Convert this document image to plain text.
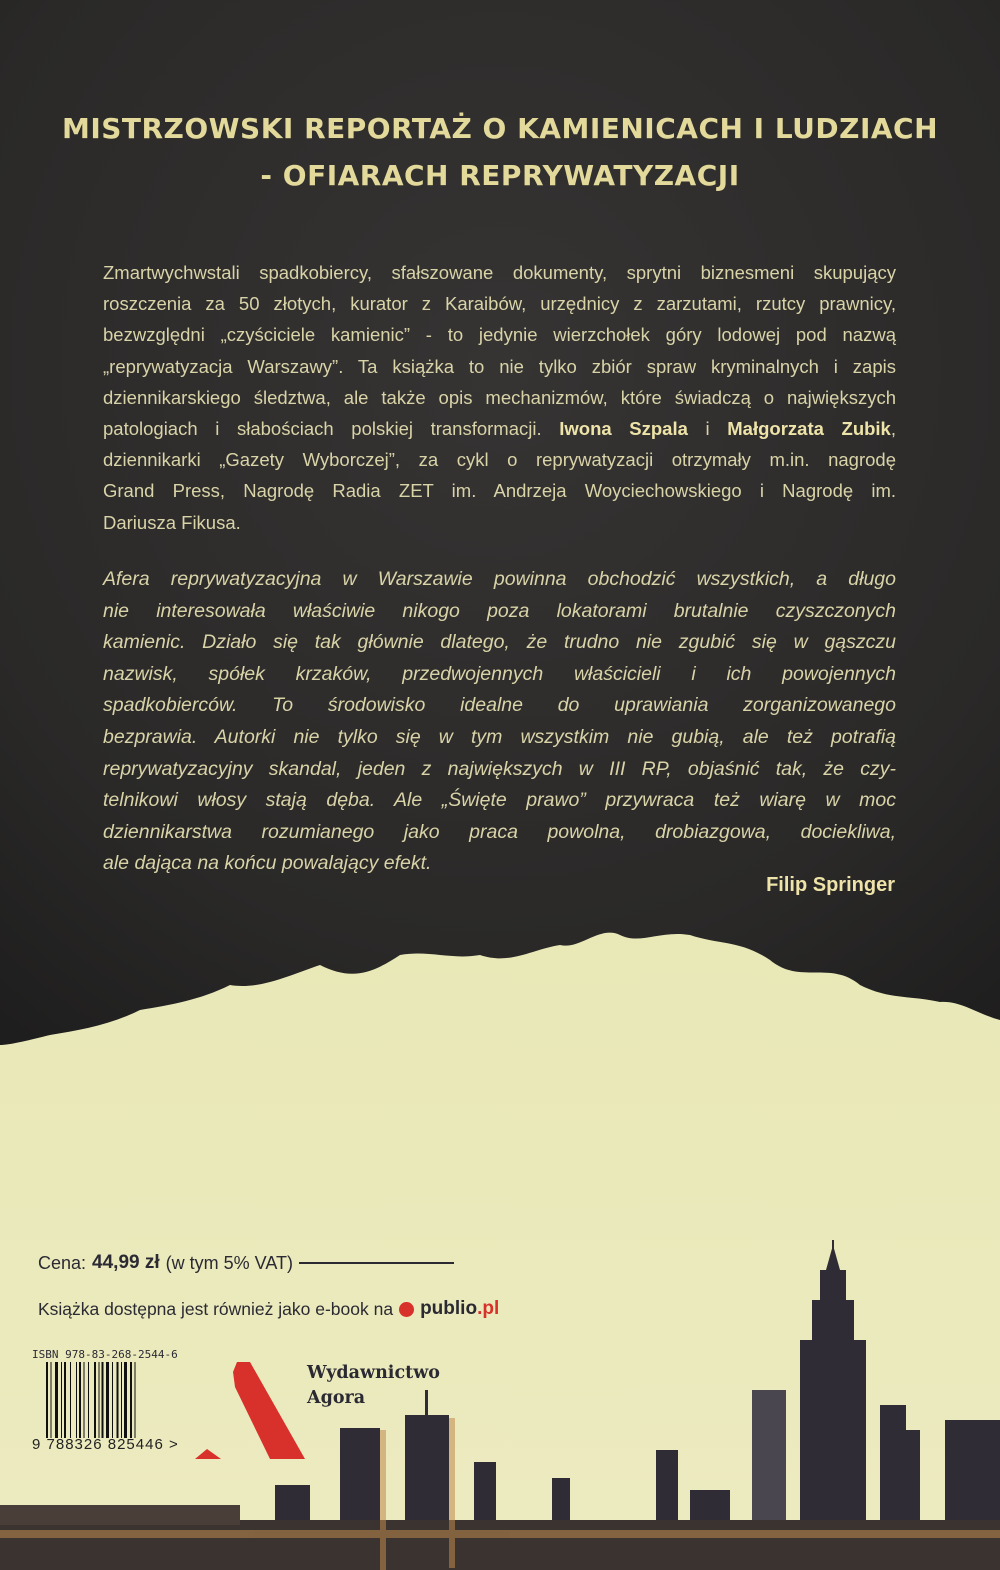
MISTRZOWSKI REPORTAŻ O KAMIENICACH I LUDZIACH
- OFIARACH REPRYWATYZACJI
Zmartwychwstali spadkobiercy, sfałszowane dokumenty, sprytni biznesmeni skupujący
roszczenia za 50 złotych, kurator z Karaibów, urzędnicy z zarzutami, rzutcy prawnicy,
bezwzględni „czyściciele kamienic” - to jedynie wierzchołek góry lodowej pod nazwą
„reprywatyzacja Warszawy”. Ta książka to nie tylko zbiór spraw kryminalnych i zapis
dziennikarskiego śledztwa, ale także opis mechanizmów, które świadczą o największych
patologiach i słabościach polskiej transformacji. Iwona Szpala i Małgorzata Zubik,
dziennikarki „Gazety Wyborczej”, za cykl o reprywatyzacji otrzymały m.in. nagrodę
Grand Press, Nagrodę Radia ZET im. Andrzeja Woyciechowskiego i Nagrodę im.
Dariusza Fikusa.
Afera reprywatyzacyjna w Warszawie powinna obchodzić wszystkich, a długo
nie interesowała właściwie nikogo poza lokatorami brutalnie czyszczonych
kamienic. Działo się tak głównie dlatego, że trudno nie zgubić się w gąszczu
nazwisk, spółek krzaków, przedwojennych właścicieli i ich powojennych
spadkobierców. To środowisko idealne do uprawiania zorganizowanego
bezprawia. Autorki nie tylko się w tym wszystkim nie gubią, ale też potrafią
reprywatyzacyjny skandal, jeden z największych w III RP, objaśnić tak, że czy-
telnikowi włosy stają dęba. Ale „Święte prawo” przywraca też wiarę w moc
dziennikarstwa rozumianego jako praca powolna, drobiazgowa, dociekliwa,
ale dająca na końcu powalający efekt.
Filip Springer
Cena: 44,99 zł (w tym 5% VAT)
Książka dostępna jest również jako e-book na publio.pl
ISBN 978-83-268-2544-6
9 788326 825446 >
Wydawnictwo
Agora
